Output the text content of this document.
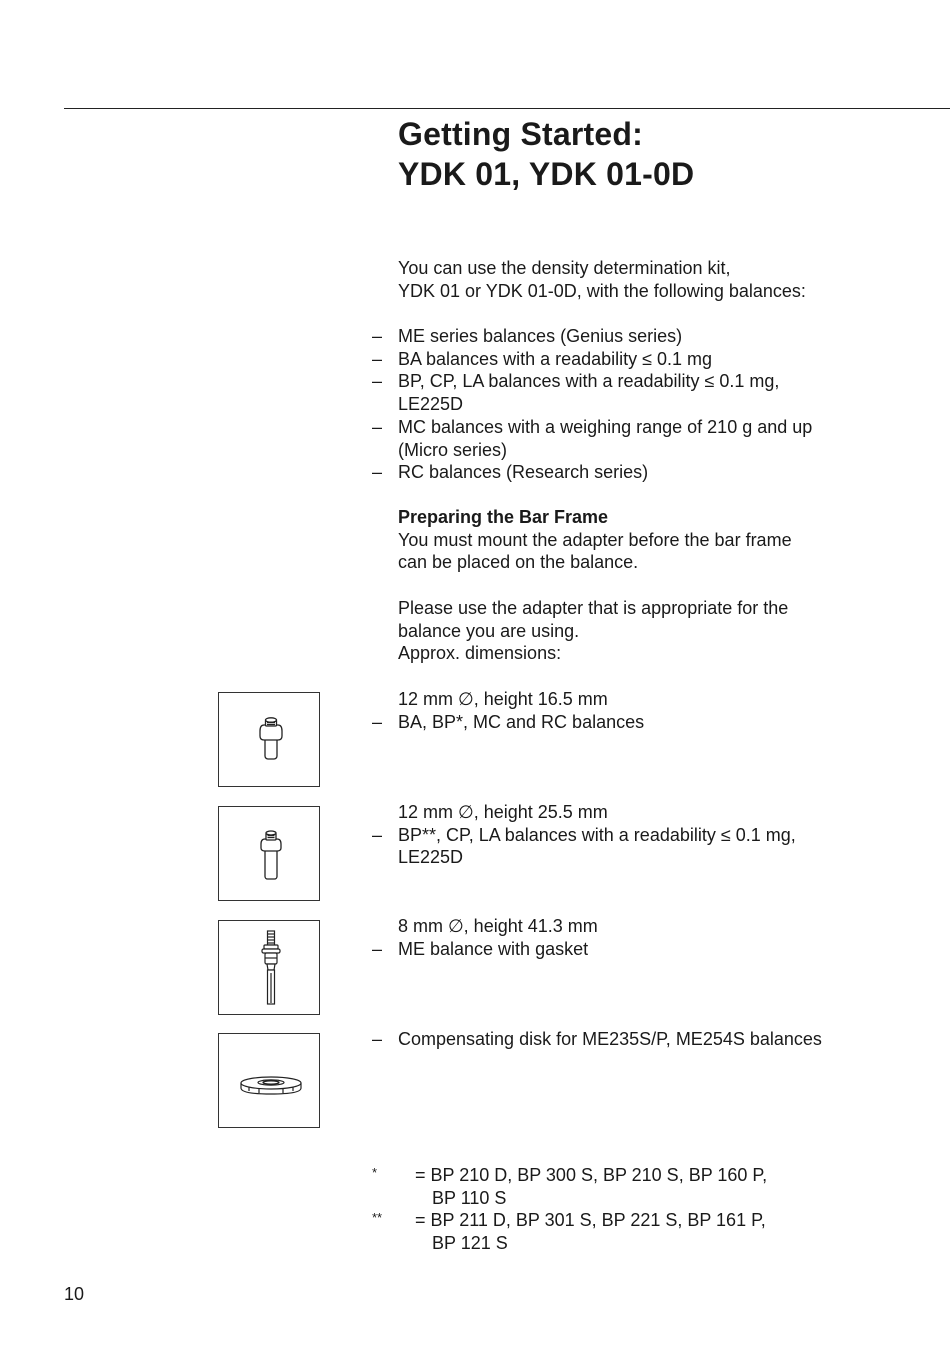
Getting Started:
YDK 01, YDK 01-0D

You can use the density determination kit,

YDK 01 or YDK 01-0D, with the following balances:

– ME series balances (Genius series)
– BA balances with a readability ≤ 0.1 mg
– BP, CP, LA balances with a readability ≤ 0.1 mg, LE225D
– MC balances with a weighing range of 210 g and up (Micro series)
– RC balances (Research series)

Preparing the Bar Frame

You must mount the adapter before the bar frame

can be placed on the balance.

Please use the adapter that is appropriate for the

balance you are using.

Approx. dimensions:

12 mm ∅, height 16.5 mm
– BA, BP*, MC and RC balances
12 mm ∅, height 25.5 mm
– BP**, CP, LA balances with a readability ≤ 0.1 mg, LE225D
8 mm ∅, height 41.3 mm
– ME balance with gasket
– Compensating disk for ME235S/P, ME254S balances
* = BP 210 D, BP 300 S, BP 210 S, BP 160 P,
BP 110 S
** = BP 211 D, BP 301 S, BP 221 S, BP 161 P,
BP 121 S
10
